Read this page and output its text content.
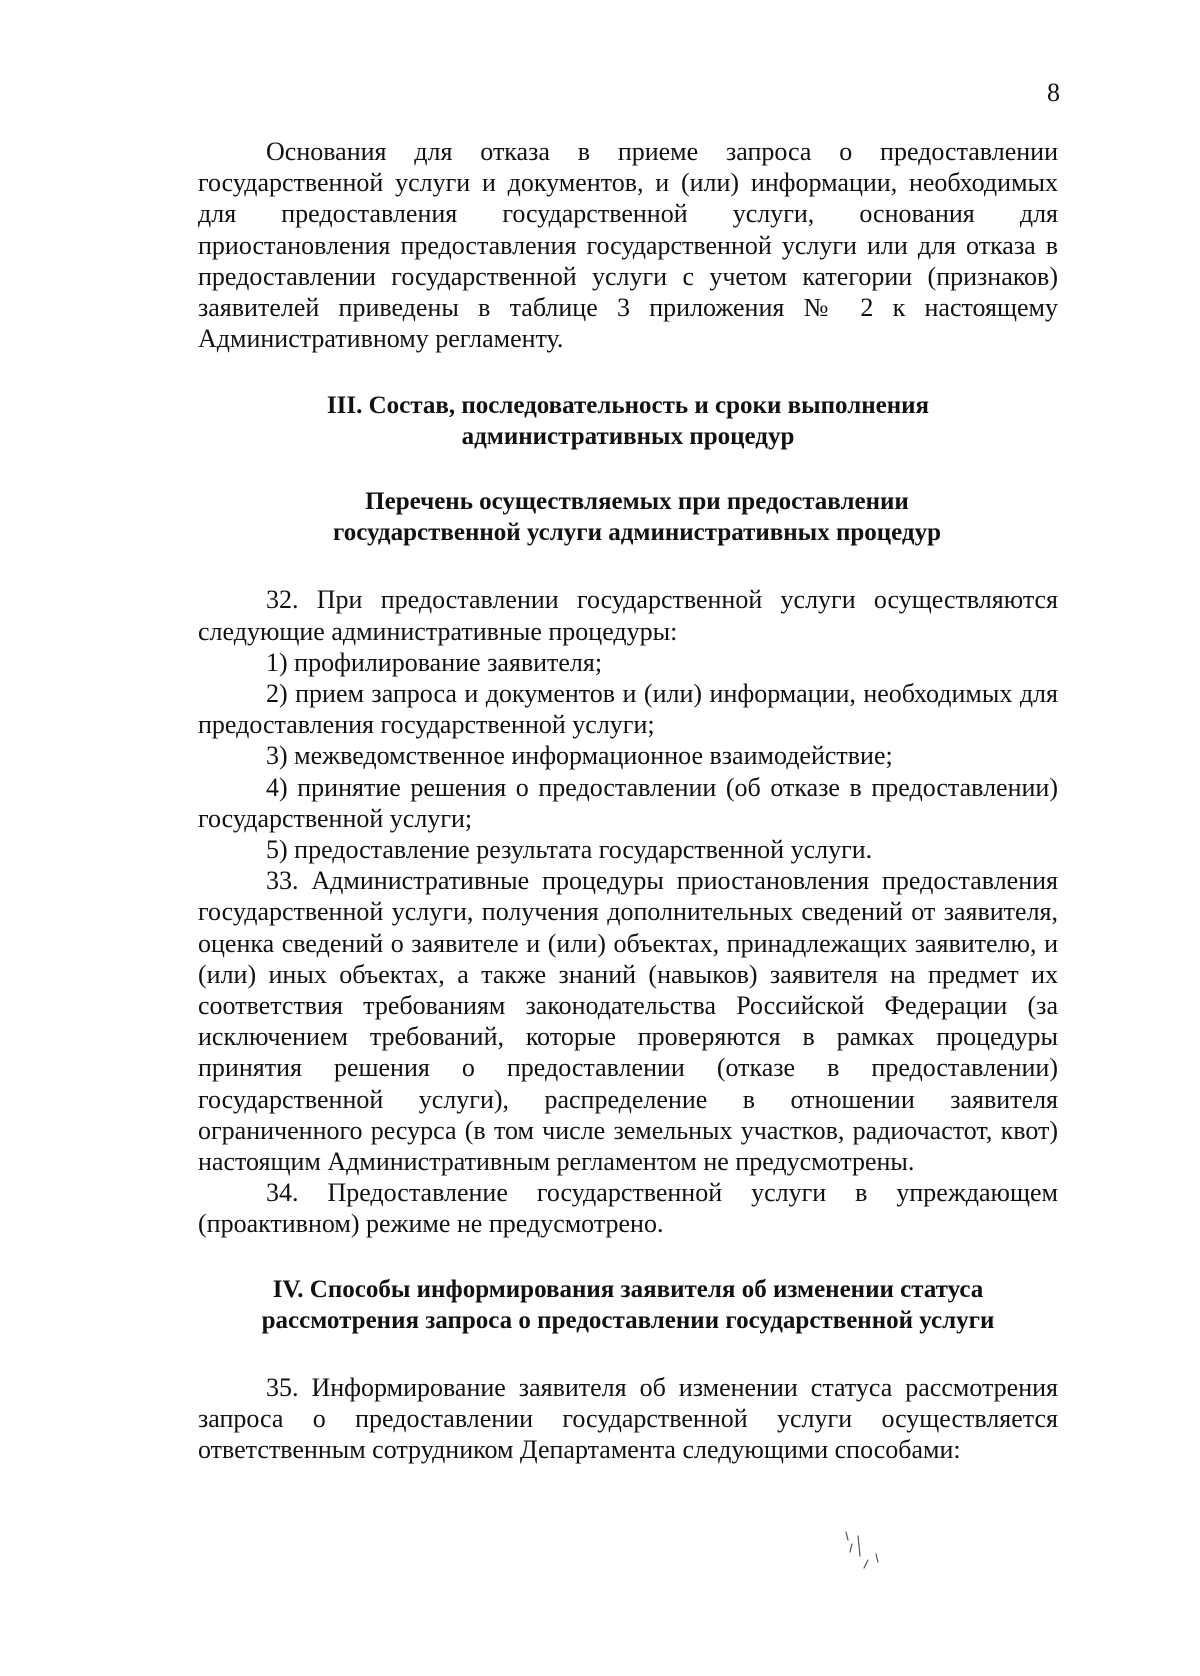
8

Основания для отказа в приеме запроса о предоставлении государственной услуги и документов, и (или) информации, необходимых для предоставления государственной услуги, основания для приостановления предоставления государственной услуги или для отказа в предоставлении государственной услуги с учетом категории (признаков) заявителей приведены в таблице 3 приложения № 2 к настоящему Административному регламенту.

III. Состав, последовательность и сроки выполнения
административных процедур

Перечень осуществляемых при предоставлении
государственной услуги административных процедур

32. При предоставлении государственной услуги осуществляются следующие административные процедуры:

1) профилирование заявителя;

2) прием запроса и документов и (или) информации, необходимых для предоставления государственной услуги;

3) межведомственное информационное взаимодействие;

4) принятие решения о предоставлении (об отказе в предоставлении) государственной услуги;

5) предоставление результата государственной услуги.

33. Административные процедуры приостановления предоставления государственной услуги, получения дополнительных сведений от заявителя, оценка сведений о заявителе и (или) объектах, принадлежащих заявителю, и (или) иных объектах, а также знаний (навыков) заявителя на предмет их соответствия требованиям законодательства Российской Федерации (за исключением требований, которые проверяются в рамках процедуры принятия решения о предоставлении (отказе в предоставлении) государственной услуги), распределение в отношении заявителя ограниченного ресурса (в том числе земельных участков, радиочастот, квот) настоящим Административным регламентом не предусмотрены.

34. Предоставление государственной услуги в упреждающем (проактивном) режиме не предусмотрено.

IV. Способы информирования заявителя об изменении статуса
рассмотрения запроса о предоставлении государственной услуги

35. Информирование заявителя об изменении статуса рассмотрения запроса о предоставлении государственной услуги осуществляется ответственным сотрудником Департамента следующими способами:
